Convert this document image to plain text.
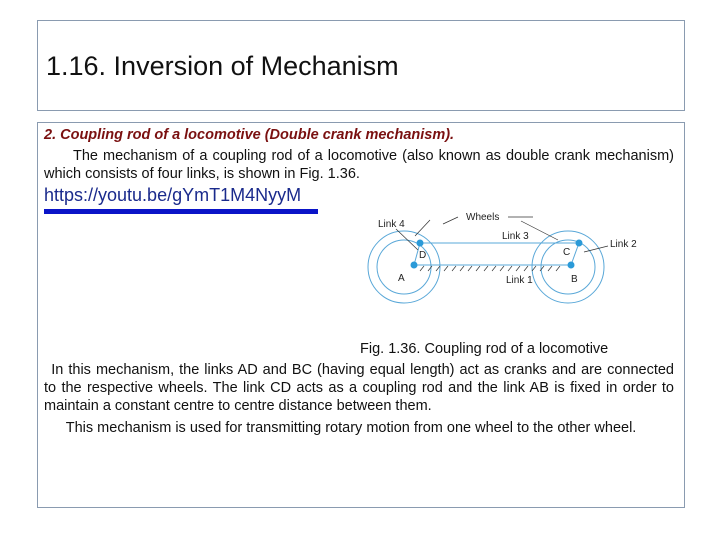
1.16. Inversion of Mechanism
2. Coupling rod of a locomotive (Double crank mechanism).
  The mechanism of a coupling rod of a locomotive (also known as double crank mechanism) which consists of four links, is shown in Fig. 1.36.
https://youtu.be/gYmT1M4NyyM
Wheels
Link 3
Link 1
Link 4
Link 2
A
D
B
C
Fig. 1.36. Coupling rod of a locomotive
 In this mechanism, the links AD and BC (having equal length) act as cranks and are connected to the respective wheels. The link CD acts as a coupling rod and the link AB is fixed in order to maintain a constant centre to centre distance between them.
  This mechanism is used for transmitting rotary motion from one wheel to the other wheel.
